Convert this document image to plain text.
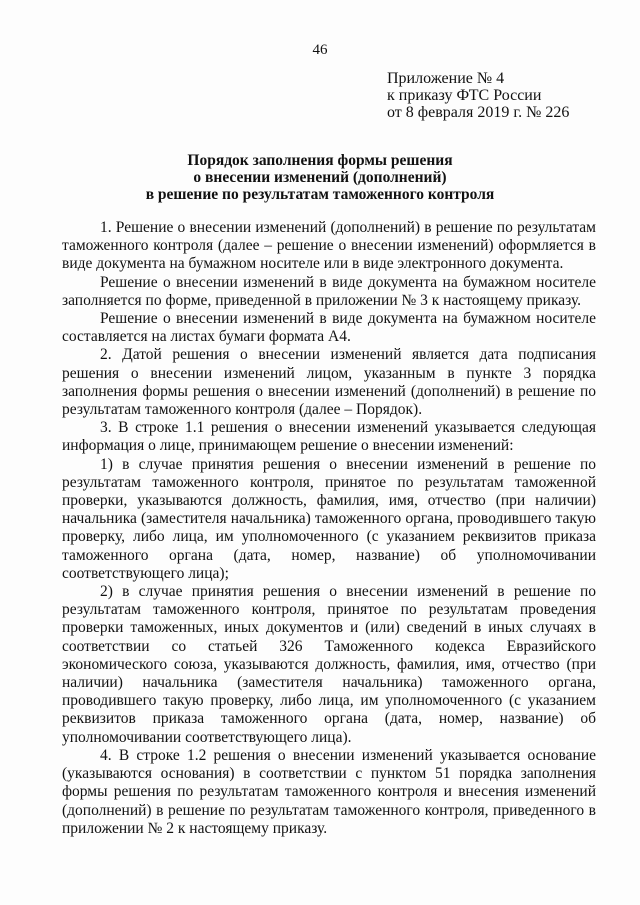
46
Приложение № 4
к приказу ФТС России
от 8 февраля 2019 г. № 226
Порядок заполнения формы решения
о внесении изменений (дополнений)
в решение по результатам таможенного контроля

1. Решение о внесении изменений (дополнений) в решение по результатам таможенного контроля (далее – решение о внесении изменений) оформляется в виде документа на бумажном носителе или в виде электронного документа.

Решение о внесении изменений в виде документа на бумажном носителе заполняется по форме, приведенной в приложении № 3 к настоящему приказу.

Решение о внесении изменений в виде документа на бумажном носителе составляется на листах бумаги формата А4.

2. Датой решения о внесении изменений является дата подписания решения о внесении изменений лицом, указанным в пункте 3 порядка заполнения формы решения о внесении изменений (дополнений) в решение по результатам таможенного контроля (далее – Порядок).

3. В строке 1.1 решения о внесении изменений указывается следующая информация о лице, принимающем решение о внесении изменений:

1) в случае принятия решения о внесении изменений в решение по результатам таможенного контроля, принятое по результатам таможенной проверки, указываются должность, фамилия, имя, отчество (при наличии) начальника (заместителя начальника) таможенного органа, проводившего такую проверку, либо лица, им уполномоченного (с указанием реквизитов приказа таможенного органа (дата, номер, название) об уполномочивании соответствующего лица);

2) в случае принятия решения о внесении изменений в решение по результатам таможенного контроля, принятое по результатам проведения проверки таможенных, иных документов и (или) сведений в иных случаях в соответствии со статьей 326 Таможенного кодекса Евразийского экономического союза, указываются должность, фамилия, имя, отчество (при наличии) начальника (заместителя начальника) таможенного органа, проводившего такую проверку, либо лица, им уполномоченного (с указанием реквизитов приказа таможенного органа (дата, номер, название) об уполномочивании соответствующего лица).

4. В строке 1.2 решения о внесении изменений указывается основание (указываются основания) в соответствии с пунктом 51 порядка заполнения формы решения по результатам таможенного контроля и внесения изменений (дополнений) в решение по результатам таможенного контроля, приведенного в приложении № 2 к настоящему приказу.
